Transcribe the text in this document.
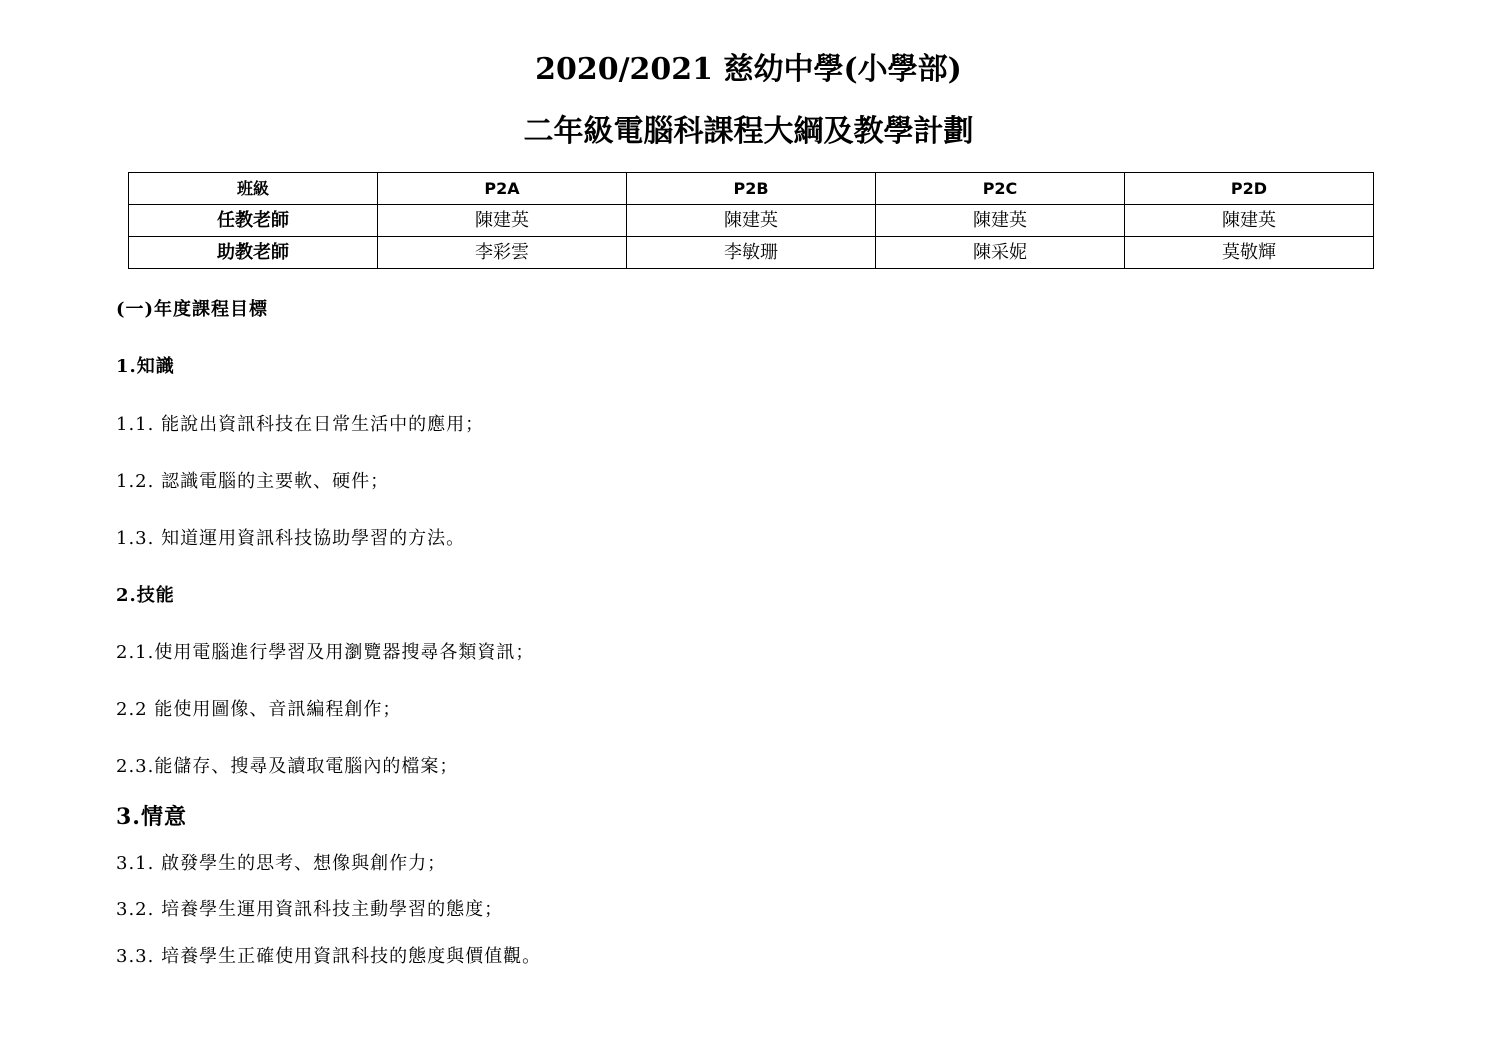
2020/2021 慈幼中學(小學部)
二年級電腦科課程大綱及教學計劃
班級	P2A	P2B	P2C	P2D
任教老師	陳建英	陳建英	陳建英	陳建英
助教老師	李彩雲	李敏珊	陳采妮	莫敬輝

(一)年度課程目標

1.知識

1.1. 能說出資訊科技在日常生活中的應用；

1.2. 認識電腦的主要軟、硬件；

1.3. 知道運用資訊科技協助學習的方法。

2.技能

2.1.使用電腦進行學習及用瀏覽器搜尋各類資訊；

2.2 能使用圖像、音訊編程創作；

2.3.能儲存、搜尋及讀取電腦內的檔案；

3.情意

3.1. 啟發學生的思考、想像與創作力；

3.2. 培養學生運用資訊科技主動學習的態度；

3.3. 培養學生正確使用資訊科技的態度與價值觀。
